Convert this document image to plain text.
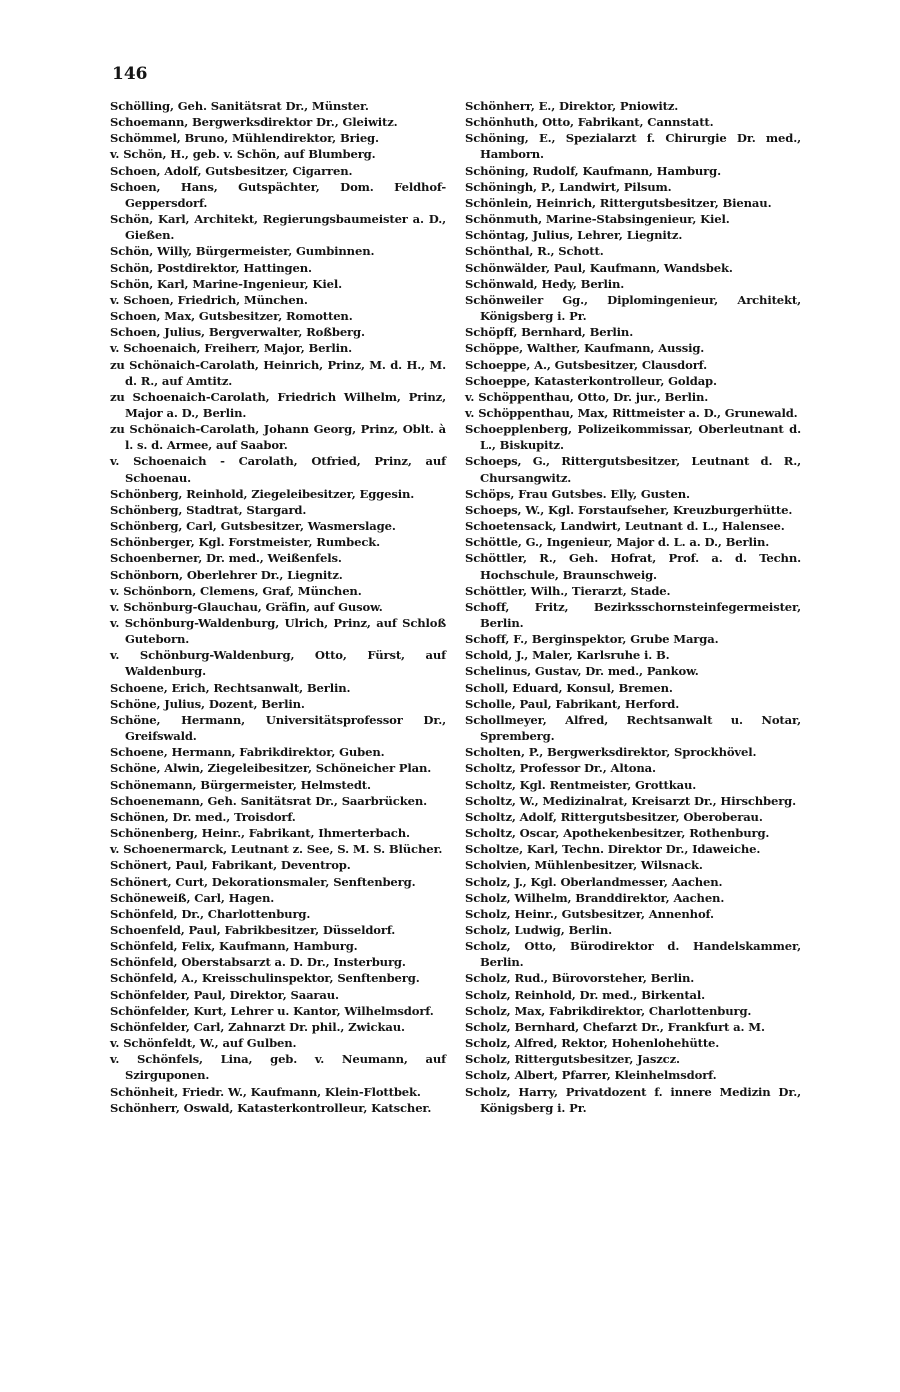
146

Schölling, Geh. Sanitätsrat Dr., Münster.

Schoemann, Bergwerksdirektor Dr., Gleiwitz.

Schömmel, Bruno, Mühlendirektor, Brieg.

v. Schön, H., geb. v. Schön, auf Blumberg.

Schoen, Adolf, Gutsbesitzer, Cigarren.

Schoen, Hans, Gutspächter, Dom. Feldhof-Geppersdorf.

Schön, Karl, Architekt, Regierungsbaumeister a. D., Gießen.

Schön, Willy, Bürgermeister, Gumbinnen.

Schön, Postdirektor, Hattingen.

Schön, Karl, Marine-Ingenieur, Kiel.

v. Schoen, Friedrich, München.

Schoen, Max, Gutsbesitzer, Romotten.

Schoen, Julius, Bergverwalter, Roßberg.

v. Schoenaich, Freiherr, Major, Berlin.

zu Schönaich-Carolath, Heinrich, Prinz, M. d. H., M. d. R., auf Amtitz.

zu Schoenaich-Carolath, Friedrich Wilhelm, Prinz, Major a. D., Berlin.

zu Schönaich-Carolath, Johann Georg, Prinz, Oblt. à l. s. d. Armee, auf Saabor.

v. Schoenaich - Carolath, Otfried, Prinz, auf Schoenau.

Schönberg, Reinhold, Ziegeleibesitzer, Eggesin.

Schönberg, Stadtrat, Stargard.

Schönberg, Carl, Gutsbesitzer, Wasmerslage.

Schönberger, Kgl. Forstmeister, Rumbeck.

Schoenberner, Dr. med., Weißenfels.

Schönborn, Oberlehrer Dr., Liegnitz.

v. Schönborn, Clemens, Graf, München.

v. Schönburg-Glauchau, Gräfin, auf Gusow.

v. Schönburg-Waldenburg, Ulrich, Prinz, auf Schloß Guteborn.

v. Schönburg-Waldenburg, Otto, Fürst, auf Waldenburg.

Schoene, Erich, Rechtsanwalt, Berlin.

Schöne, Julius, Dozent, Berlin.

Schöne, Hermann, Universitätsprofessor Dr., Greifswald.

Schoene, Hermann, Fabrikdirektor, Guben.

Schöne, Alwin, Ziegeleibesitzer, Schöneicher Plan.

Schönemann, Bürgermeister, Helmstedt.

Schoenemann, Geh. Sanitätsrat Dr., Saarbrücken.

Schönen, Dr. med., Troisdorf.

Schönenberg, Heinr., Fabrikant, Ihmerterbach.

v. Schoenermarck, Leutnant z. See, S. M. S. Blücher.

Schönert, Paul, Fabrikant, Deventrop.

Schönert, Curt, Dekorationsmaler, Senftenberg.

Schöneweiß, Carl, Hagen.

Schönfeld, Dr., Charlottenburg.

Schoenfeld, Paul, Fabrikbesitzer, Düsseldorf.

Schönfeld, Felix, Kaufmann, Hamburg.

Schönfeld, Oberstabsarzt a. D. Dr., Insterburg.

Schönfeld, A., Kreisschulinspektor, Senftenberg.

Schönfelder, Paul, Direktor, Saarau.

Schönfelder, Kurt, Lehrer u. Kantor, Wilhelmsdorf.

Schönfelder, Carl, Zahnarzt Dr. phil., Zwickau.

v. Schönfeldt, W., auf Gulben.

v. Schönfels, Lina, geb. v. Neumann, auf Szirguponen.

Schönheit, Friedr. W., Kaufmann, Klein-Flottbek.

Schönherr, Oswald, Katasterkontrolleur, Katscher.

Schönherr, E., Direktor, Pniowitz.

Schönhuth, Otto, Fabrikant, Cannstatt.

Schöning, E., Spezialarzt f. Chirurgie Dr. med., Hamborn.

Schöning, Rudolf, Kaufmann, Hamburg.

Schöningh, P., Landwirt, Pilsum.

Schönlein, Heinrich, Rittergutsbesitzer, Bienau.

Schönmuth, Marine-Stabsingenieur, Kiel.

Schöntag, Julius, Lehrer, Liegnitz.

Schönthal, R., Schott.

Schönwälder, Paul, Kaufmann, Wandsbek.

Schönwald, Hedy, Berlin.

Schönweiler Gg., Diplomingenieur, Architekt, Königsberg i. Pr.

Schöpff, Bernhard, Berlin.

Schöppe, Walther, Kaufmann, Aussig.

Schoeppe, A., Gutsbesitzer, Clausdorf.

Schoeppe, Katasterkontrolleur, Goldap.

v. Schöppenthau, Otto, Dr. jur., Berlin.

v. Schöppenthau, Max, Rittmeister a. D., Grunewald.

Schoepplenberg, Polizeikommissar, Oberleutnant d. L., Biskupitz.

Schoeps, G., Rittergutsbesitzer, Leutnant d. R., Chursangwitz.

Schöps, Frau Gutsbes. Elly, Gusten.

Schoeps, W., Kgl. Forstaufseher, Kreuzburgerhütte.

Schoetensack, Landwirt, Leutnant d. L., Halensee.

Schöttle, G., Ingenieur, Major d. L. a. D., Berlin.

Schöttler, R., Geh. Hofrat, Prof. a. d. Techn. Hochschule, Braunschweig.

Schöttler, Wilh., Tierarzt, Stade.

Schoff, Fritz, Bezirksschornsteinfegermeister, Berlin.

Schoff, F., Berginspektor, Grube Marga.

Schold, J., Maler, Karlsruhe i. B.

Schelinus, Gustav, Dr. med., Pankow.

Scholl, Eduard, Konsul, Bremen.

Scholle, Paul, Fabrikant, Herford.

Schollmeyer, Alfred, Rechtsanwalt u. Notar, Spremberg.

Scholten, P., Bergwerksdirektor, Sprockhövel.

Scholtz, Professor Dr., Altona.

Scholtz, Kgl. Rentmeister, Grottkau.

Scholtz, W., Medizinalrat, Kreisarzt Dr., Hirschberg.

Scholtz, Adolf, Rittergutsbesitzer, Oberoberau.

Scholtz, Oscar, Apothekenbesitzer, Rothenburg.

Scholtze, Karl, Techn. Direktor Dr., Idaweiche.

Scholvien, Mühlenbesitzer, Wilsnack.

Scholz, J., Kgl. Oberlandmesser, Aachen.

Scholz, Wilhelm, Branddirektor, Aachen.

Scholz, Heinr., Gutsbesitzer, Annenhof.

Scholz, Ludwig, Berlin.

Scholz, Otto, Bürodirektor d. Handelskammer, Berlin.

Scholz, Rud., Bürovorsteher, Berlin.

Scholz, Reinhold, Dr. med., Birkental.

Scholz, Max, Fabrikdirektor, Charlottenburg.

Scholz, Bernhard, Chefarzt Dr., Frankfurt a. M.

Scholz, Alfred, Rektor, Hohenlohehütte.

Scholz, Rittergutsbesitzer, Jaszcz.

Scholz, Albert, Pfarrer, Kleinhelmsdorf.

Scholz, Harry, Privatdozent f. innere Medizin Dr., Königsberg i. Pr.
